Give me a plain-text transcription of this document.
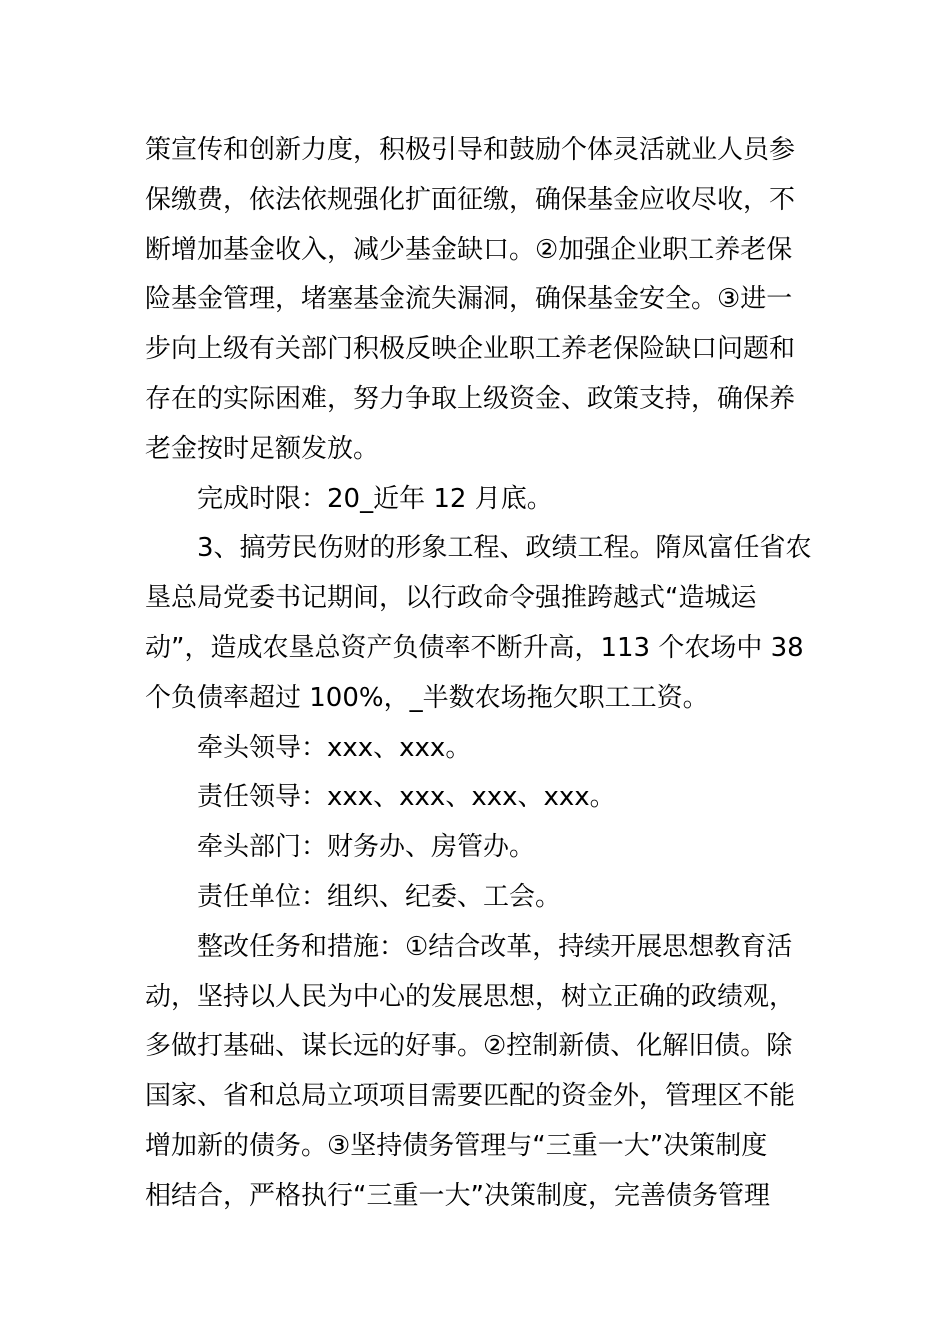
策宣传和创新力度，积极引导和鼓励个体灵活就业人员参
保缴费，依法依规强化扩面征缴，确保基金应收尽收，不
断增加基金收入，减少基金缺口。②加强企业职工养老保
险基金管理，堵塞基金流失漏洞，确保基金安全。③进一
步向上级有关部门积极反映企业职工养老保险缺口问题和
存在的实际困难，努力争取上级资金、政策支持，确保养
老金按时足额发放。
完成时限：20_近年 12 月底。
3、搞劳民伤财的形象工程、政绩工程。隋凤富任省农
垦总局党委书记期间，以行政命令强推跨越式“造城运
动”，造成农垦总资产负债率不断升高，113 个农场中 38
个负债率超过 100%，_半数农场拖欠职工工资。
牵头领导：xxx、xxx。
责任领导：xxx、xxx、xxx、xxx。
牵头部门：财务办、房管办。
责任单位：组织、纪委、工会。
整改任务和措施：①结合改革，持续开展思想教育活
动，坚持以人民为中心的发展思想，树立正确的政绩观，
多做打基础、谋长远的好事。②控制新债、化解旧债。除
国家、省和总局立项项目需要匹配的资金外，管理区不能
增加新的债务。③坚持债务管理与“三重一大”决策制度
相结合，严格执行“三重一大”决策制度，完善债务管理
